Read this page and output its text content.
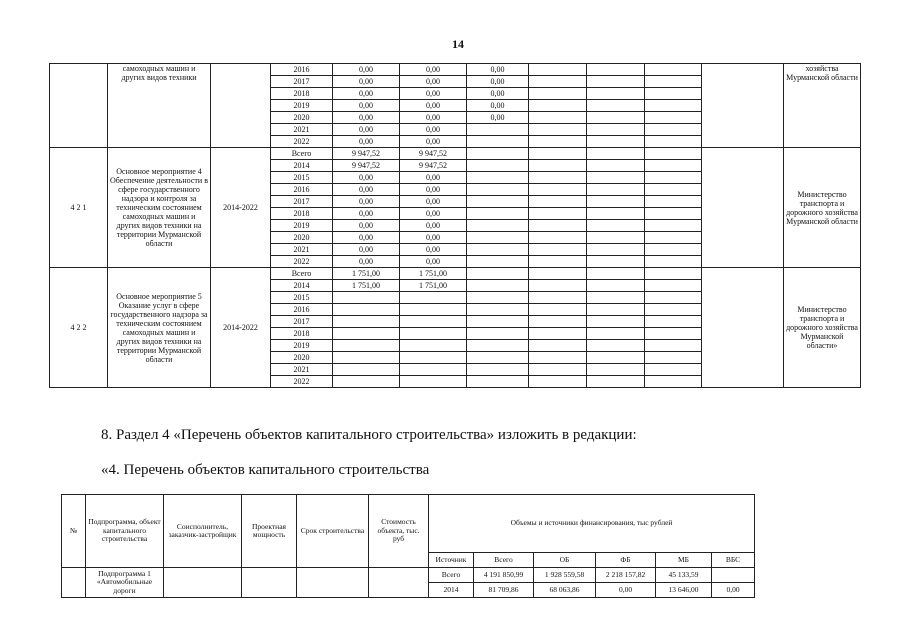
14
	самоходных машин и других видов техники		2016	0,00	0,00	0,00					хозяйства Мурманской области
			2017	0,00	0,00	0,00					
			2018	0,00	0,00	0,00					
			2019	0,00	0,00	0,00					
			2020	0,00	0,00	0,00					
			2021	0,00	0,00						
			2022	0,00	0,00						
4 2 1	Основное мероприятие 4 Обеспечение деятельности в сфере государственного надзора и контроля за техническим состоянием самоходных машин и других видов техники на территории Мурманской области	2014-2022	Всего	9 947,52	9 947,52						Министерство транспорта и дорожного хозяйства Мурманской области
			2014	9 947,52	9 947,52						
			2015	0,00	0,00						
			2016	0,00	0,00						
			2017	0,00	0,00						
			2018	0,00	0,00						
			2019	0,00	0,00						
			2020	0,00	0,00						
			2021	0,00	0,00						
			2022	0,00	0,00						
4 2 2	Основное мероприятие 5 Оказание услуг в сфере государственного надзора за техническим состоянием самоходных машин и других видов техники на территории Мурманской области	2014-2022	Всего	1 751,00	1 751,00						Министерство транспорта и дорожного хозяйства Мурманской области»
			2014	1 751,00	1 751,00						
			2015								
			2016								
			2017								
			2018								
			2019								
			2020								
			2021								
			2022								
8. Раздел 4 «Перечень объектов капитального строительства» изложить в редакции:
«4. Перечень объектов капитального строительства
№	Подпрограмма, объект капитального строительства	Соисполнитель, заказчик-застройщик	Проектная мощность	Срок строительства	Стоимость объекта, тыс. руб	Объемы и источники финансирования, тыс рублей					
						Источник	Всего	ОБ	ФБ	МБ	ВБС
	Подпрограмма 1 «Автомобильные дороги					Всего	4 191 850,99	1 928 559,58	2 218 157,82	45 133,59	
						2014	81 709,86	68 063,86	0,00	13 646,00	0,00
